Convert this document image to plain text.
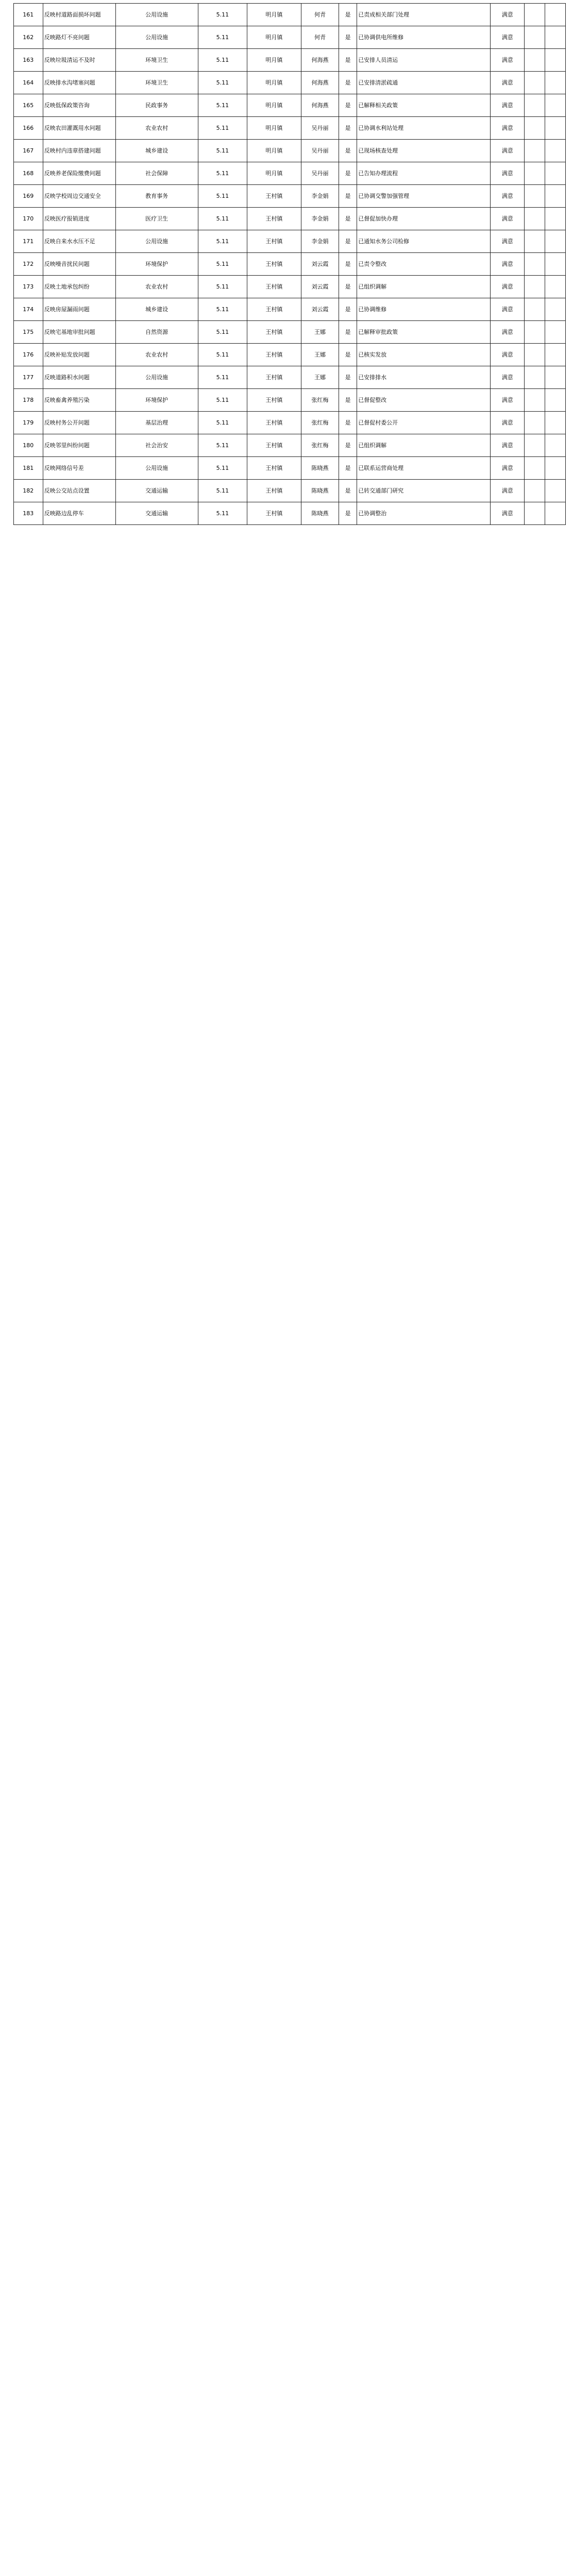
161	反映村道路面损坏问题	公用设施	5.11	明月镇	何青	是	已责成相关部门处理	满意		
162	反映路灯不亮问题	公用设施	5.11	明月镇	何青	是	已协调供电所维修	满意		
163	反映垃圾清运不及时	环境卫生	5.11	明月镇	何海燕	是	已安排人员清运	满意		
164	反映排水沟堵塞问题	环境卫生	5.11	明月镇	何海燕	是	已安排清淤疏通	满意		
165	反映低保政策咨询	民政事务	5.11	明月镇	何海燕	是	已解释相关政策	满意		
166	反映农田灌溉用水问题	农业农村	5.11	明月镇	吴丹丽	是	已协调水利站处理	满意		
167	反映村内违章搭建问题	城乡建设	5.11	明月镇	吴丹丽	是	已现场核查处理	满意		
168	反映养老保险缴费问题	社会保障	5.11	明月镇	吴丹丽	是	已告知办理流程	满意		
169	反映学校周边交通安全	教育事务	5.11	王村镇	李金娟	是	已协调交警加强管理	满意		
170	反映医疗报销进度	医疗卫生	5.11	王村镇	李金娟	是	已督促加快办理	满意		
171	反映自来水水压不足	公用设施	5.11	王村镇	李金娟	是	已通知水务公司检修	满意		
172	反映噪音扰民问题	环境保护	5.11	王村镇	刘云霞	是	已责令整改	满意		
173	反映土地承包纠纷	农业农村	5.11	王村镇	刘云霞	是	已组织调解	满意		
174	反映房屋漏雨问题	城乡建设	5.11	王村镇	刘云霞	是	已协调维修	满意		
175	反映宅基地审批问题	自然资源	5.11	王村镇	王娜	是	已解释审批政策	满意		
176	反映补贴发放问题	农业农村	5.11	王村镇	王娜	是	已核实发放	满意		
177	反映道路积水问题	公用设施	5.11	王村镇	王娜	是	已安排排水	满意		
178	反映畜禽养殖污染	环境保护	5.11	王村镇	张红梅	是	已督促整改	满意		
179	反映村务公开问题	基层治理	5.11	王村镇	张红梅	是	已督促村委公开	满意		
180	反映邻里纠纷问题	社会治安	5.11	王村镇	张红梅	是	已组织调解	满意		
181	反映网络信号差	公用设施	5.11	王村镇	陈晓燕	是	已联系运营商处理	满意		
182	反映公交站点设置	交通运输	5.11	王村镇	陈晓燕	是	已转交通部门研究	满意		
183	反映路边乱停车	交通运输	5.11	王村镇	陈晓燕	是	已协调整治	满意		
